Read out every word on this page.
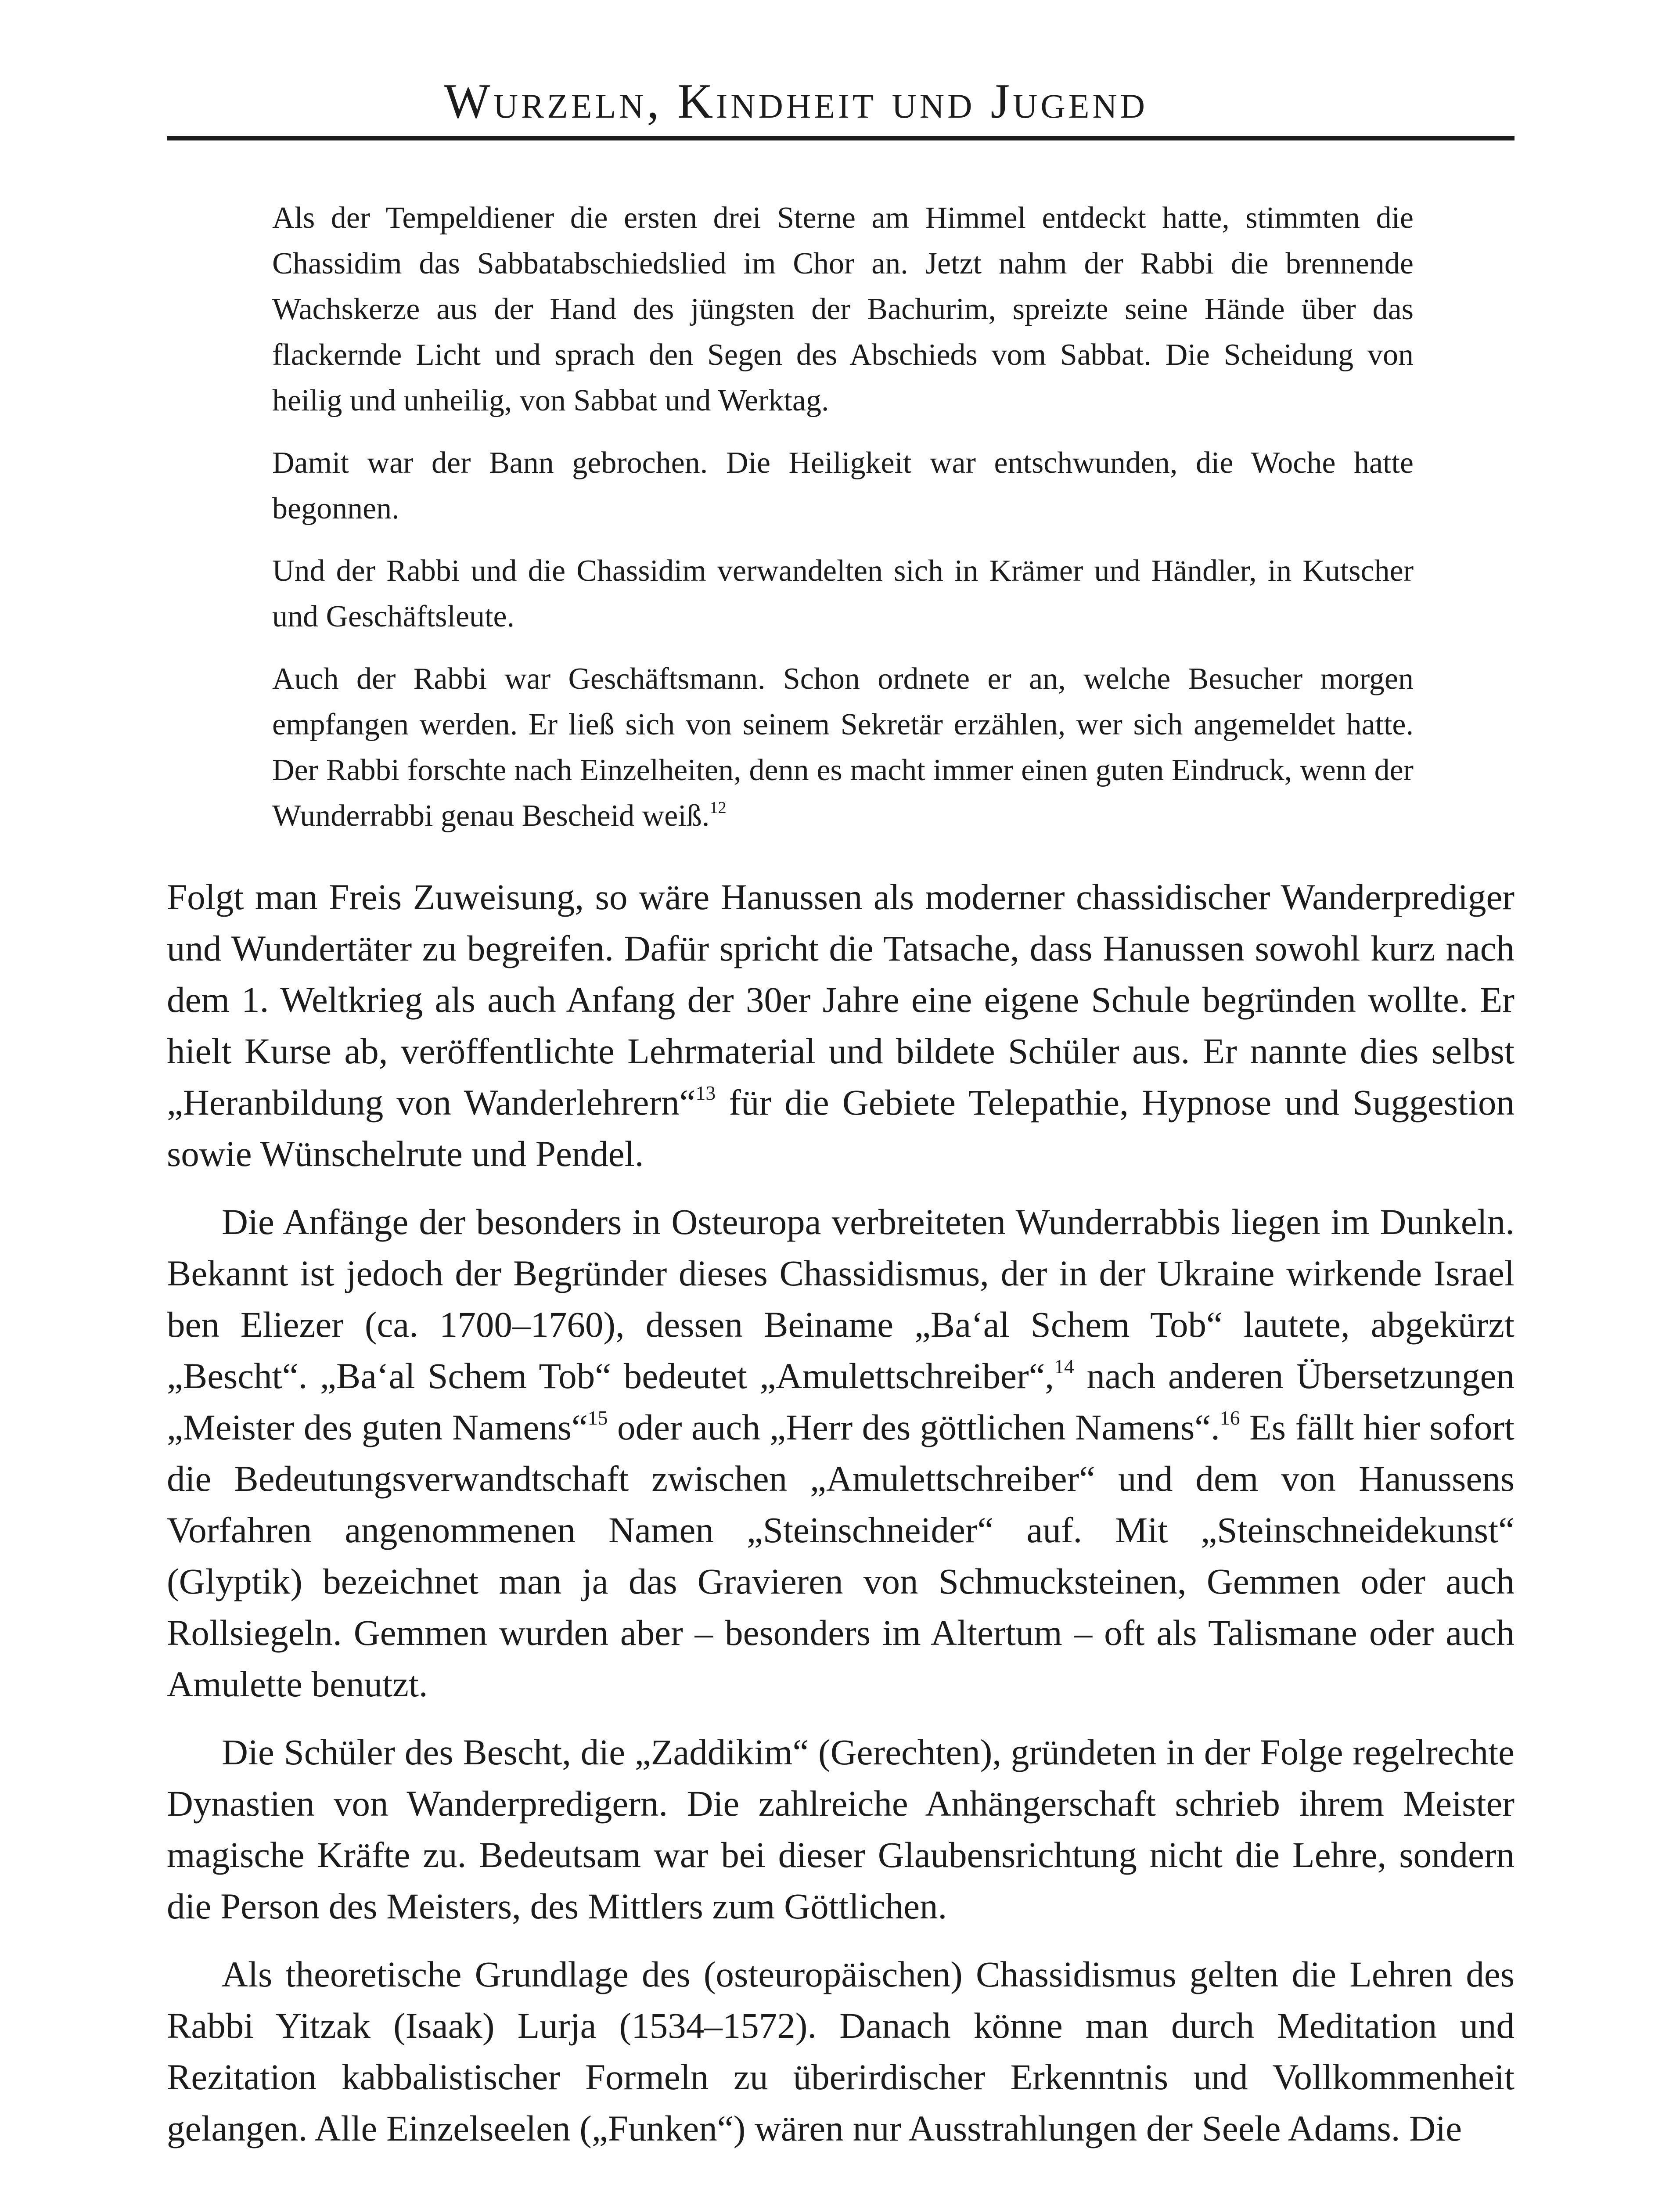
Wurzeln, Kindheit und Jugend

Als der Tempeldiener die ersten drei Sterne am Himmel entdeckt hatte, stimmten die Chassidim das Sabbatabschiedslied im Chor an. Jetzt nahm der Rabbi die brennende Wachskerze aus der Hand des jüngsten der Bachurim, spreizte seine Hände über das flackernde Licht und sprach den Segen des Abschieds vom Sabbat. Die Scheidung von heilig und unheilig, von Sabbat und Werktag.

Damit war der Bann gebrochen. Die Heiligkeit war entschwunden, die Woche hatte begonnen.

Und der Rabbi und die Chassidim verwandelten sich in Krämer und Händler, in Kutscher und Geschäftsleute.

Auch der Rabbi war Geschäftsmann. Schon ordnete er an, welche Besucher morgen empfangen werden. Er ließ sich von seinem Sekretär erzählen, wer sich angemeldet hatte. Der Rabbi forschte nach Einzelheiten, denn es macht immer einen guten Eindruck, wenn der Wunderrabbi genau Bescheid weiß.$^{12}$

Folgt man Freis Zuweisung, so wäre Hanussen als moderner chassidischer Wanderprediger und Wundertäter zu begreifen. Dafür spricht die Tatsache, dass Hanussen sowohl kurz nach dem 1. Weltkrieg als auch Anfang der 30er Jahre eine eigene Schule begründen wollte. Er hielt Kurse ab, veröffentlichte Lehrmaterial und bildete Schüler aus. Er nannte dies selbst „Heranbildung von Wanderlehrern“$^{13}$ für die Gebiete Telepathie, Hypnose und Suggestion sowie Wünschelrute und Pendel.

Die Anfänge der besonders in Osteuropa verbreiteten Wunderrabbis liegen im Dunkeln. Bekannt ist jedoch der Begründer dieses Chassidismus, der in der Ukraine wirkende Israel ben Eliezer (ca. 1700–1760), dessen Beiname „Ba‘al Schem Tob“ lautete, abgekürzt „Bescht“. „Ba‘al Schem Tob“ bedeutet „Amulettschreiber“,$^{14}$ nach anderen Übersetzungen „Meister des guten Namens“$^{15}$ oder auch „Herr des göttlichen Namens“.$^{16}$ Es fällt hier sofort die Bedeutungsverwandtschaft zwischen „Amulettschreiber“ und dem von Hanussens Vorfahren angenommenen Namen „Steinschneider“ auf. Mit „Steinschneidekunst“ (Glyptik) bezeichnet man ja das Gravieren von Schmucksteinen, Gemmen oder auch Rollsiegeln. Gemmen wurden aber – besonders im Altertum – oft als Talismane oder auch Amulette benutzt.

Die Schüler des Bescht, die „Zaddikim“ (Gerechten), gründeten in der Folge regelrechte Dynastien von Wanderpredigern. Die zahlreiche Anhängerschaft schrieb ihrem Meister magische Kräfte zu. Bedeutsam war bei dieser Glaubensrichtung nicht die Lehre, sondern die Person des Meisters, des Mittlers zum Göttlichen.

Als theoretische Grundlage des (osteuropäischen) Chassidismus gelten die Lehren des Rabbi Yitzak (Isaak) Lurja (1534–1572). Danach könne man durch Meditation und Rezitation kabbalistischer Formeln zu überirdischer Erkenntnis und Vollkommenheit gelangen. Alle Einzelseelen („Funken“) wären nur Ausstrahlungen der Seele Adams. Die
